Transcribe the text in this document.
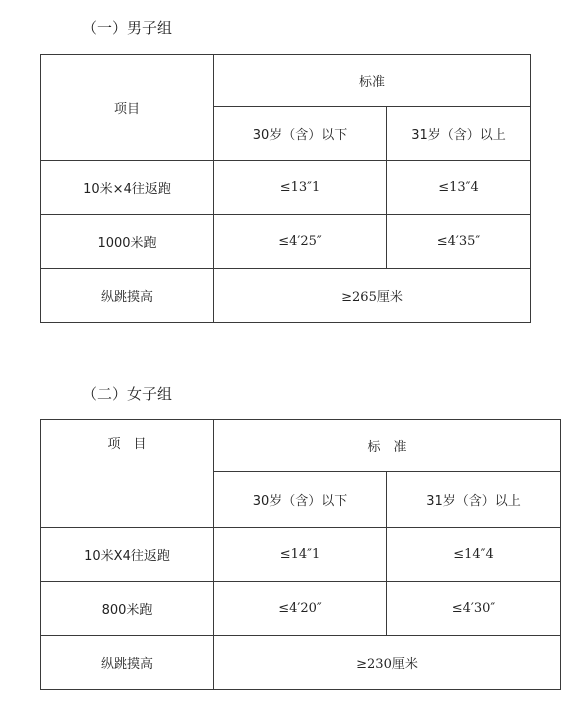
（一）男子组
项目	标准	
	30岁（含）以下	31岁（含）以上
10米×4往返跑	≤13″1	≤13″4
1000米跑	≤4′25″	≤4′35″
纵跳摸高	≥265厘米	
（二）女子组
项　目	标　准	
	30岁（含）以下	31岁（含）以上
10米X4往返跑	≤14″1	≤14″4
800米跑	≤4′20″	≤4′30″
纵跳摸高	≥230厘米	
